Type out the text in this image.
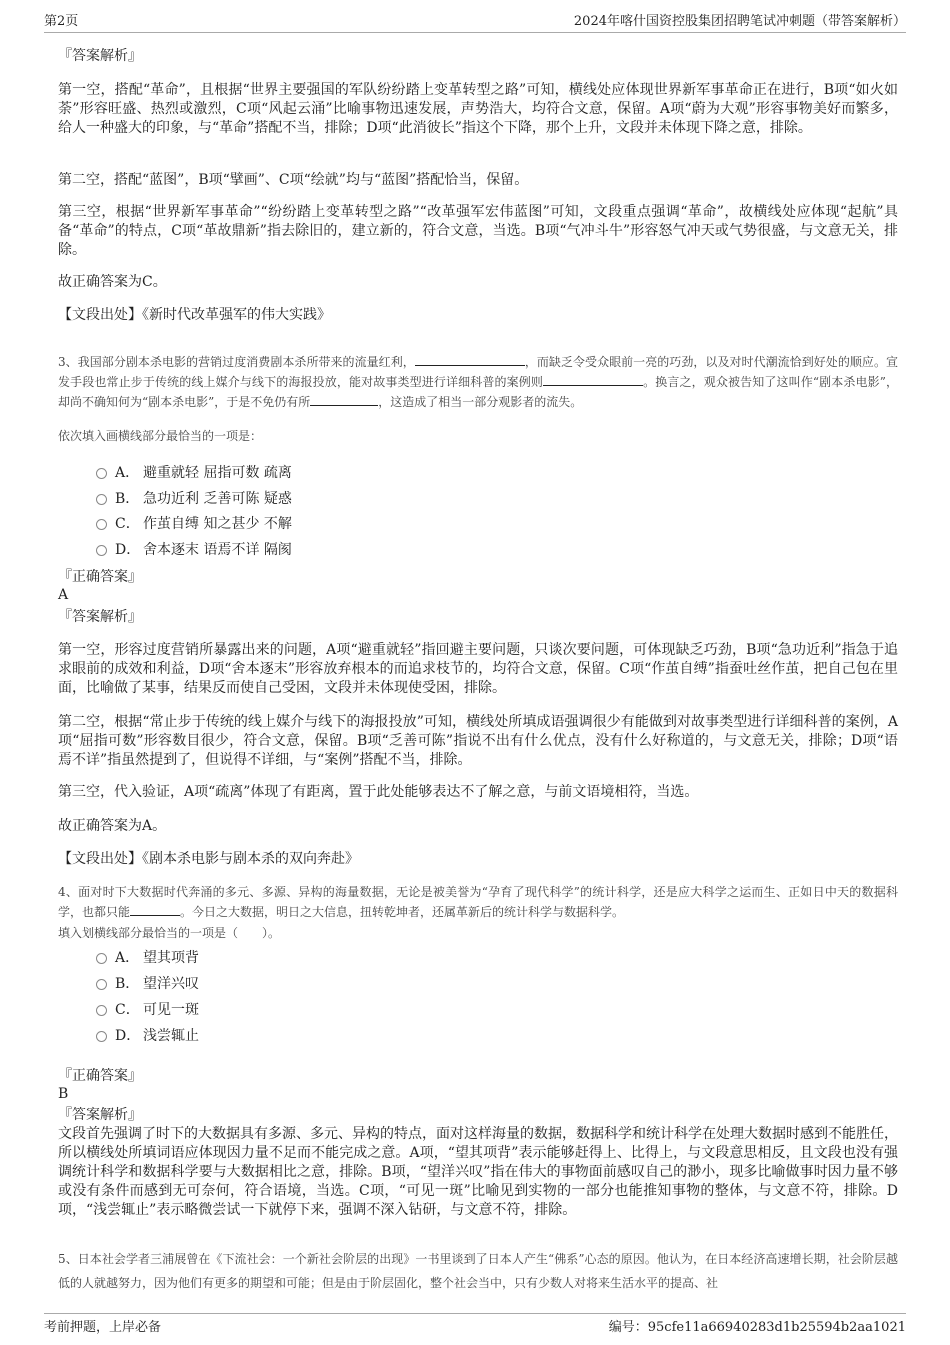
第2页	2024年喀什国资控股集团招聘笔试冲刺题（带答案解析）
『答案解析』
第一空，搭配“革命”，且根据“世界主要强国的军队纷纷踏上变革转型之路”可知，横线处应体现世界新军事革命正在进行，B项“如火如荼”形容旺盛、热烈或激烈，C项“风起云涌”比喻事物迅速发展，声势浩大，均符合文意，保留。A项“蔚为大观”形容事物美好而繁多，给人一种盛大的印象，与“革命”搭配不当，排除；D项“此消彼长”指这个下降，那个上升，文段并未体现下降之意，排除。
第二空，搭配“蓝图”，B项“擘画”、C项“绘就”均与“蓝图”搭配恰当，保留。
第三空，根据“世界新军事革命”“纷纷踏上变革转型之路”“改革强军宏伟蓝图”可知，文段重点强调“革命”，故横线处应体现“起航”具备“革命”的特点，C项“革故鼎新”指去除旧的，建立新的，符合文意，当选。B项“气冲斗牛”形容怒气冲天或气势很盛，与文意无关，排除。
故正确答案为C。
【文段出处】《新时代改革强军的伟大实践》
3、我国部分剧本杀电影的营销过度消费剧本杀所带来的流量红利，	，而缺乏令受众眼前一亮的巧劲，以及对时代潮流恰到好处的顺应。宣发手段也常止步于传统的线上媒介与线下的海报投放，能对故事类型进行详细科普的案例则	。换言之，观众被告知了这叫作“剧本杀电影”，却尚不确知何为“剧本杀电影”，于是不免仍有所	，这造成了相当一部分观影者的流失。
依次填入画横线部分最恰当的一项是：
A． 避重就轻 屈指可数 疏离
B． 急功近利 乏善可陈 疑惑
C． 作茧自缚 知之甚少 不解
D． 舍本逐末 语焉不详 隔阂
『正确答案』
A
『答案解析』
第一空，形容过度营销所暴露出来的问题，A项“避重就轻”指回避主要问题，只谈次要问题，可体现缺乏巧劲，B项“急功近利”指急于追求眼前的成效和利益，D项“舍本逐末”形容放弃根本的而追求枝节的，均符合文意，保留。C项“作茧自缚”指蚕吐丝作茧，把自己包在里面，比喻做了某事，结果反而使自己受困，文段并未体现使受困，排除。
第二空，根据“常止步于传统的线上媒介与线下的海报投放”可知，横线处所填成语强调很少有能做到对故事类型进行详细科普的案例，A项“屈指可数”形容数目很少，符合文意，保留。B项“乏善可陈”指说不出有什么优点，没有什么好称道的，与文意无关，排除；D项“语焉不详”指虽然提到了，但说得不详细，与“案例”搭配不当，排除。
第三空，代入验证，A项“疏离”体现了有距离，置于此处能够表达不了解之意，与前文语境相符，当选。
故正确答案为A。
【文段出处】《剧本杀电影与剧本杀的双向奔赴》
4、面对时下大数据时代奔涌的多元、多源、异构的海量数据，无论是被美誉为“孕育了现代科学”的统计科学，还是应大科学之运而生、正如日中天的数据科学，也都只能	。今日之大数据，明日之大信息，扭转乾坤者，还属革新后的统计科学与数据科学。
填入划横线部分最恰当的一项是（　　）。
A． 望其项背
B． 望洋兴叹
C． 可见一斑
D． 浅尝辄止
『正确答案』
B
『答案解析』
文段首先强调了时下的大数据具有多源、多元、异构的特点，面对这样海量的数据，数据科学和统计科学在处理大数据时感到不能胜任，所以横线处所填词语应体现因力量不足而不能完成之意。A项，“望其项背”表示能够赶得上、比得上，与文段意思相反，且文段也没有强调统计科学和数据科学要与大数据相比之意，排除。B项，“望洋兴叹”指在伟大的事物面前感叹自己的渺小，现多比喻做事时因力量不够或没有条件而感到无可奈何，符合语境，当选。C项，“可见一斑”比喻见到实物的一部分也能推知事物的整体，与文意不符，排除。D项，“浅尝辄止”表示略微尝试一下就停下来，强调不深入钻研，与文意不符，排除。
5、日本社会学者三浦展曾在《下流社会：一个新社会阶层的出现》一书里谈到了日本人产生“佛系”心态的原因。他认为，在日本经济高速增长期，社会阶层越低的人就越努力，因为他们有更多的期望和可能；但是由于阶层固化，整个社会当中，只有少数人对将来生活水平的提高、社
考前押题，上岸必备	编号：95cfe11a66940283d1b25594b2aa1021
